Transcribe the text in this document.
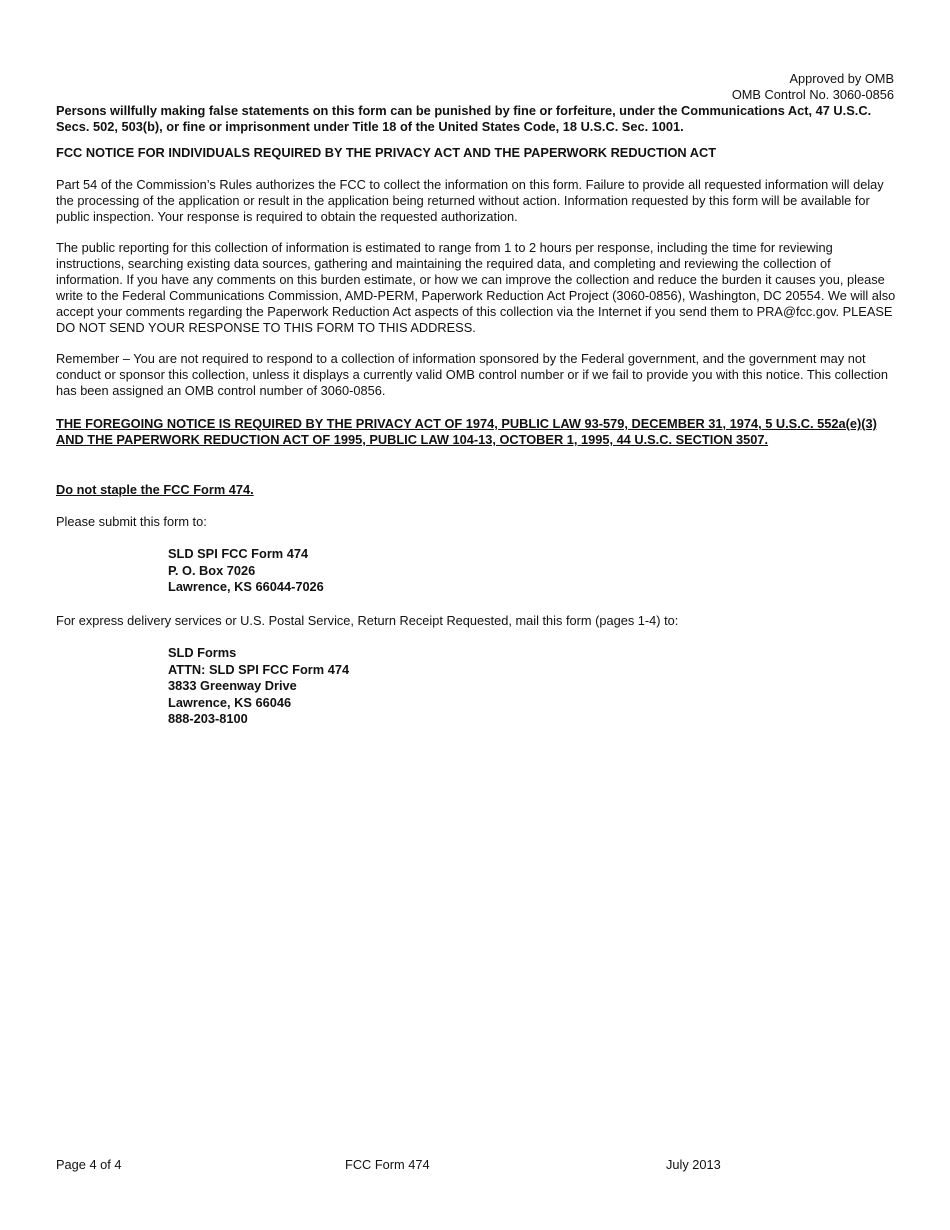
Approved by OMB
OMB Control No. 3060-0856
Persons willfully making false statements on this form can be punished by fine or forfeiture, under the Communications Act, 47 U.S.C. Secs. 502, 503(b), or fine or imprisonment under Title 18 of the United States Code, 18 U.S.C. Sec. 1001.
FCC NOTICE FOR INDIVIDUALS REQUIRED BY THE PRIVACY ACT AND THE PAPERWORK REDUCTION ACT
Part 54 of the Commission’s Rules authorizes the FCC to collect the information on this form. Failure to provide all requested information will delay the processing of the application or result in the application being returned without action. Information requested by this form will be available for public inspection. Your response is required to obtain the requested authorization.
The public reporting for this collection of information is estimated to range from 1 to 2 hours per response, including the time for reviewing instructions, searching existing data sources, gathering and maintaining the required data, and completing and reviewing the collection of information. If you have any comments on this burden estimate, or how we can improve the collection and reduce the burden it causes you, please write to the Federal Communications Commission, AMD-PERM, Paperwork Reduction Act Project (3060-0856), Washington, DC 20554. We will also accept your comments regarding the Paperwork Reduction Act aspects of this collection via the Internet if you send them to PRA@fcc.gov. PLEASE DO NOT SEND YOUR RESPONSE TO THIS FORM TO THIS ADDRESS.
Remember – You are not required to respond to a collection of information sponsored by the Federal government, and the government may not conduct or sponsor this collection, unless it displays a currently valid OMB control number or if we fail to provide you with this notice. This collection has been assigned an OMB control number of 3060-0856.
THE FOREGOING NOTICE IS REQUIRED BY THE PRIVACY ACT OF 1974, PUBLIC LAW 93-579, DECEMBER 31, 1974, 5 U.S.C. 552a(e)(3) AND THE PAPERWORK REDUCTION ACT OF 1995, PUBLIC LAW 104-13, OCTOBER 1, 1995, 44 U.S.C. SECTION 3507.
Do not staple the FCC Form 474.
Please submit this form to:
SLD SPI FCC Form 474
P. O. Box 7026
Lawrence, KS 66044-7026
For express delivery services or U.S. Postal Service, Return Receipt Requested, mail this form (pages 1-4) to:
SLD Forms
ATTN: SLD SPI FCC Form 474
3833 Greenway Drive
Lawrence, KS 66046
888-203-8100
Page 4 of 4	FCC Form 474	July 2013
